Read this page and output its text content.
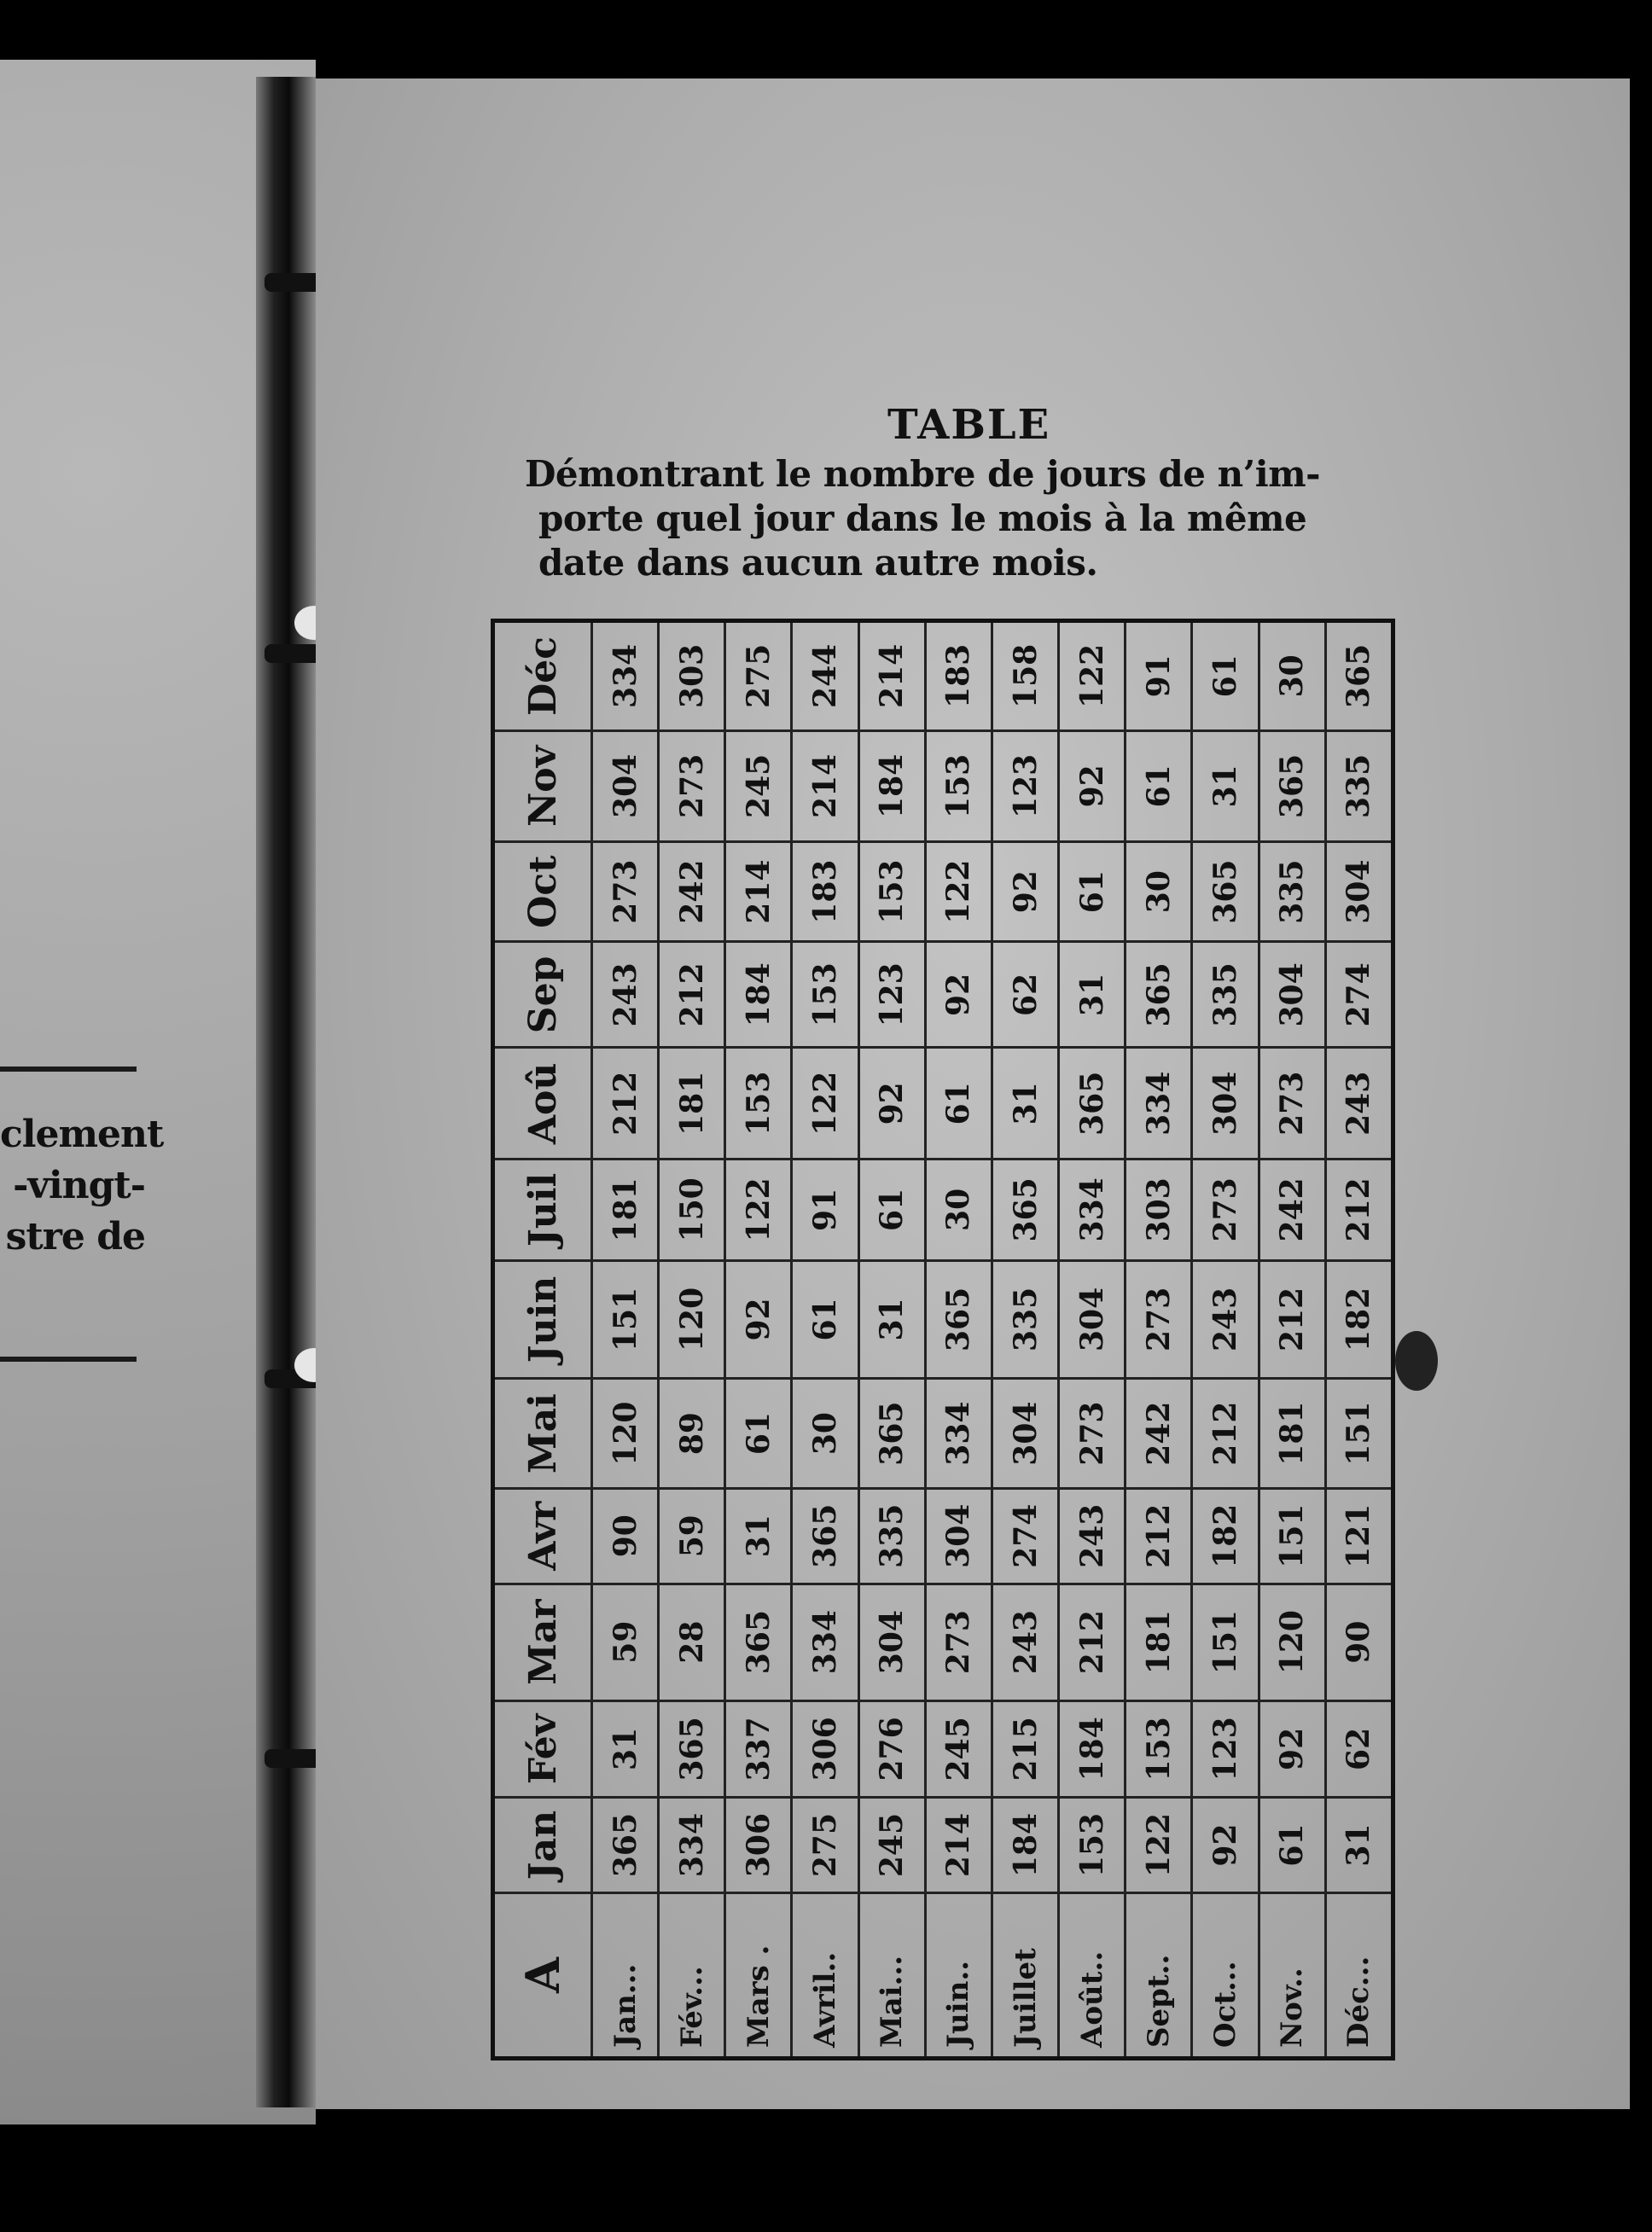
clement
-vingt-
stre de
TABLE
Démontrant le nombre de jours de n’im-
porte quel jour dans le mois à la même
date dans aucun autre mois.
A	Jan	Fév	Mar	Avr	Mai	Juin	Juil	Aoû	Sep	Oct	Nov	Déc
Jan...	365	31	59	90	120	151	181	212	243	273	304	334
Fév...	334	365	28	59	89	120	150	181	212	242	273	303
Mars .	306	337	365	31	61	92	122	153	184	214	245	275
Avril..	275	306	334	365	30	61	91	122	153	183	214	244
Mai...	245	276	304	335	365	31	61	92	123	153	184	214
Juin..	214	245	273	304	334	365	30	61	92	122	153	183
Juillet	184	215	243	274	304	335	365	31	62	92	123	158
Août..	153	184	212	243	273	304	334	365	31	61	92	122
Sept..	122	153	181	212	242	273	303	334	365	30	61	91
Oct...	92	123	151	182	212	243	273	304	335	365	31	61
Nov..	61	92	120	151	181	212	242	273	304	335	365	30
Déc...	31	62	90	121	151	182	212	243	274	304	335	365
